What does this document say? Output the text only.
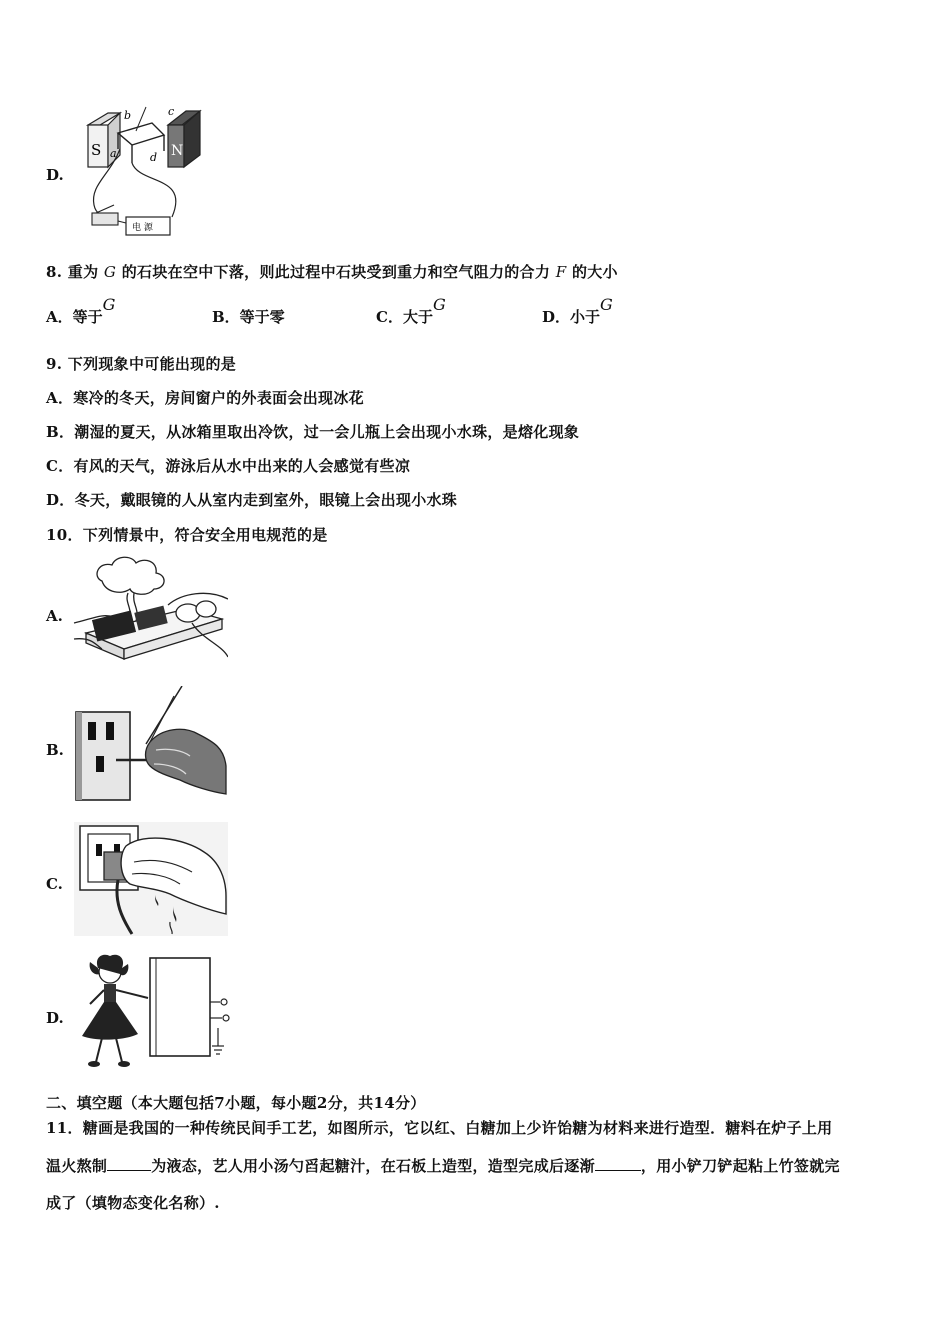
D.
S	N
b	c
a	d
电 源
8. 重为 G 的石块在空中下落，则此过程中石块受到重力和空气阻力的合力 F 的大小
A．等于G
B．等于零	C．大于G
D．小于G
9. 下列现象中可能出现的是
A．寒冷的冬天，房间窗户的外表面会出现冰花
B．潮湿的夏天，从冰箱里取出冷饮，过一会儿瓶上会出现小水珠，是熔化现象
C．有风的天气，游泳后从水中出来的人会感觉有些凉
D．冬天，戴眼镜的人从室内走到室外，眼镜上会出现小水珠
10．下列情景中，符合安全用电规范的是
A.
B.
C.
D.
二、填空题（本大题包括7小题，每小题2分，共14分）
11．糖画是我国的一种传统民间手工艺，如图所示，它以红、白糖加上少许饴糖为材料来进行造型．糖料在炉子上用
温火熬制	为液态，艺人用小汤勺舀起糖汁，在石板上造型，造型完成后逐渐	，用小铲刀铲起粘上竹签就完
成了（填物态变化名称）.
